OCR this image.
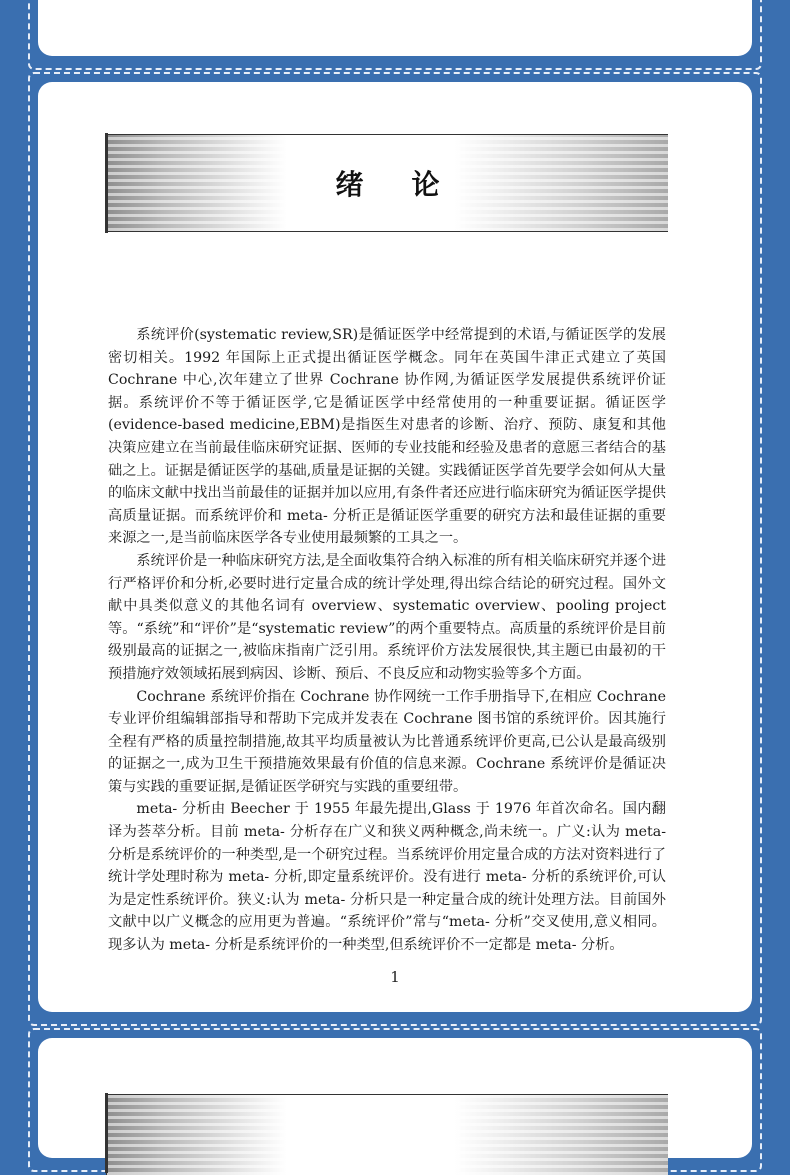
绪论

系统评价(systematic review,SR)是循证医学中经常提到的术语,与循证医学的发展密切相关。1992 年国际上正式提出循证医学概念。同年在英国牛津正式建立了英国 Cochrane 中心,次年建立了世界 Cochrane 协作网,为循证医学发展提供系统评价证据。系统评价不等于循证医学,它是循证医学中经常使用的一种重要证据。循证医学(evidence-based medicine,EBM)是指医生对患者的诊断、治疗、预防、康复和其他决策应建立在当前最佳临床研究证据、医师的专业技能和经验及患者的意愿三者结合的基础之上。证据是循证医学的基础,质量是证据的关键。实践循证医学首先要学会如何从大量的临床文献中找出当前最佳的证据并加以应用,有条件者还应进行临床研究为循证医学提供高质量证据。而系统评价和 meta- 分析正是循证医学重要的研究方法和最佳证据的重要来源之一,是当前临床医学各专业使用最频繁的工具之一。

系统评价是一种临床研究方法,是全面收集符合纳入标准的所有相关临床研究并逐个进行严格评价和分析,必要时进行定量合成的统计学处理,得出综合结论的研究过程。国外文献中具类似意义的其他名词有 overview、systematic overview、pooling project 等。“系统”和“评价”是“systematic review”的两个重要特点。高质量的系统评价是目前级别最高的证据之一,被临床指南广泛引用。系统评价方法发展很快,其主题已由最初的干预措施疗效领域拓展到病因、诊断、预后、不良反应和动物实验等多个方面。

Cochrane 系统评价指在 Cochrane 协作网统一工作手册指导下,在相应 Cochrane 专业评价组编辑部指导和帮助下完成并发表在 Cochrane 图书馆的系统评价。因其施行全程有严格的质量控制措施,故其平均质量被认为比普通系统评价更高,已公认是最高级别的证据之一,成为卫生干预措施效果最有价值的信息来源。Cochrane 系统评价是循证决策与实践的重要证据,是循证医学研究与实践的重要纽带。

meta- 分析由 Beecher 于 1955 年最先提出,Glass 于 1976 年首次命名。国内翻译为荟萃分析。目前 meta- 分析存在广义和狭义两种概念,尚未统一。广义:认为 meta- 分析是系统评价的一种类型,是一个研究过程。当系统评价用定量合成的方法对资料进行了统计学处理时称为 meta- 分析,即定量系统评价。没有进行 meta- 分析的系统评价,可认为是定性系统评价。狭义:认为 meta- 分析只是一种定量合成的统计处理方法。目前国外文献中以广义概念的应用更为普遍。“系统评价”常与“meta- 分析”交叉使用,意义相同。现多认为 meta- 分析是系统评价的一种类型,但系统评价不一定都是 meta- 分析。

1
